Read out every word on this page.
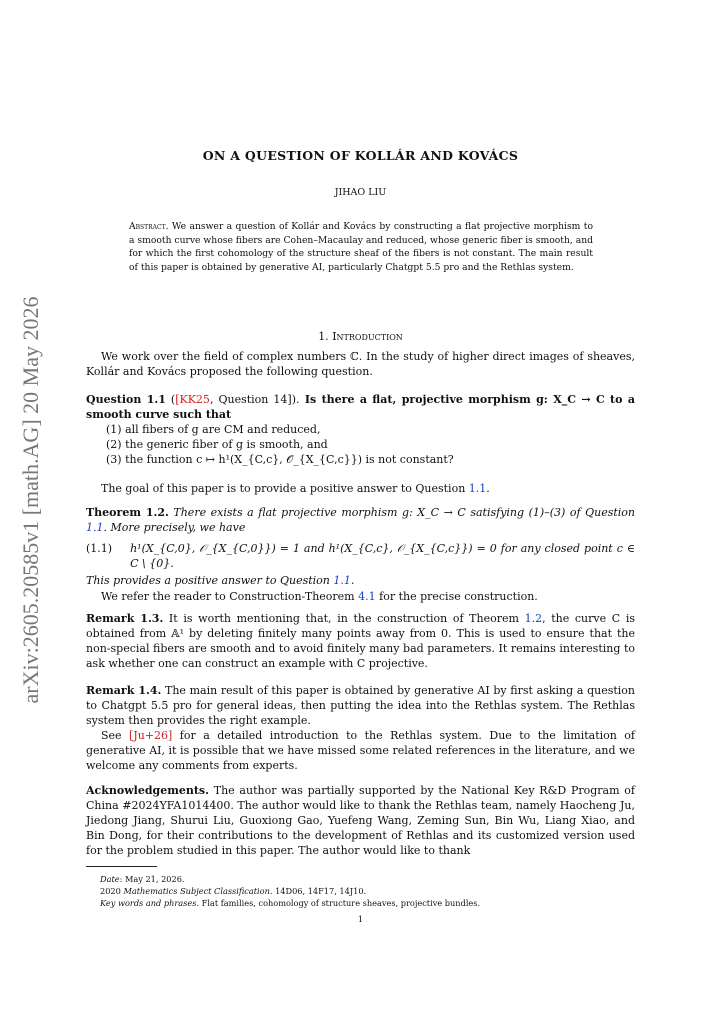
arXiv:2605.20585v1 [math.AG] 20 May 2026
ON A QUESTION OF KOLLÁR AND KOVÁCS
JIHAO LIU
Abstract. We answer a question of Kollár and Kovács by constructing a flat projective morphism to a smooth curve whose fibers are Cohen–Macaulay and reduced, whose generic fiber is smooth, and for which the first cohomology of the structure sheaf of the fibers is not constant. The main result of this paper is obtained by generative AI, particularly Chatgpt 5.5 pro and the Rethlas system.
1. Introduction
We work over the field of complex numbers ℂ. In the study of higher direct images of sheaves, Kollár and Kovács proposed the following question.
Question 1.1 ([KK25, Question 14]). Is there a flat, projective morphism g: X_C → C to a smooth curve such that
(1) all fibers of g are CM and reduced,
(2) the generic fiber of g is smooth, and
(3) the function c ↦ h¹(X_{C,c}, 𝒪_{X_{C,c}}) is not constant?
The goal of this paper is to provide a positive answer to Question 1.1.
Theorem 1.2. There exists a flat projective morphism g: X_C → C satisfying (1)–(3) of Question 1.1. More precisely, we have
(1.1)	h¹(X_{C,0}, 𝒪_{X_{C,0}}) = 1 and h¹(X_{C,c}, 𝒪_{X_{C,c}}) = 0 for any closed point c ∈ C \ {0}.
This provides a positive answer to Question 1.1.
We refer the reader to Construction-Theorem 4.1 for the precise construction.
Remark 1.3. It is worth mentioning that, in the construction of Theorem 1.2, the curve C is obtained from 𝔸¹ by deleting finitely many points away from 0. This is used to ensure that the non-special fibers are smooth and to avoid finitely many bad parameters. It remains interesting to ask whether one can construct an example with C projective.
Remark 1.4. The main result of this paper is obtained by generative AI by first asking a question to Chatgpt 5.5 pro for general ideas, then putting the idea into the Rethlas system. The Rethlas system then provides the right example.
See [Ju+26] for a detailed introduction to the Rethlas system. Due to the limitation of generative AI, it is possible that we have missed some related references in the literature, and we welcome any comments from experts.
Acknowledgements. The author was partially supported by the National Key R&D Program of China #2024YFA1014400. The author would like to thank the Rethlas team, namely Haocheng Ju, Jiedong Jiang, Shurui Liu, Guoxiong Gao, Yuefeng Wang, Zeming Sun, Bin Wu, Liang Xiao, and Bin Dong, for their contributions to the development of Rethlas and its customized version used for the problem studied in this paper. The author would like to thank
Date: May 21, 2026.
2020 Mathematics Subject Classification. 14D06, 14F17, 14J10.
Key words and phrases. Flat families, cohomology of structure sheaves, projective bundles.
1
